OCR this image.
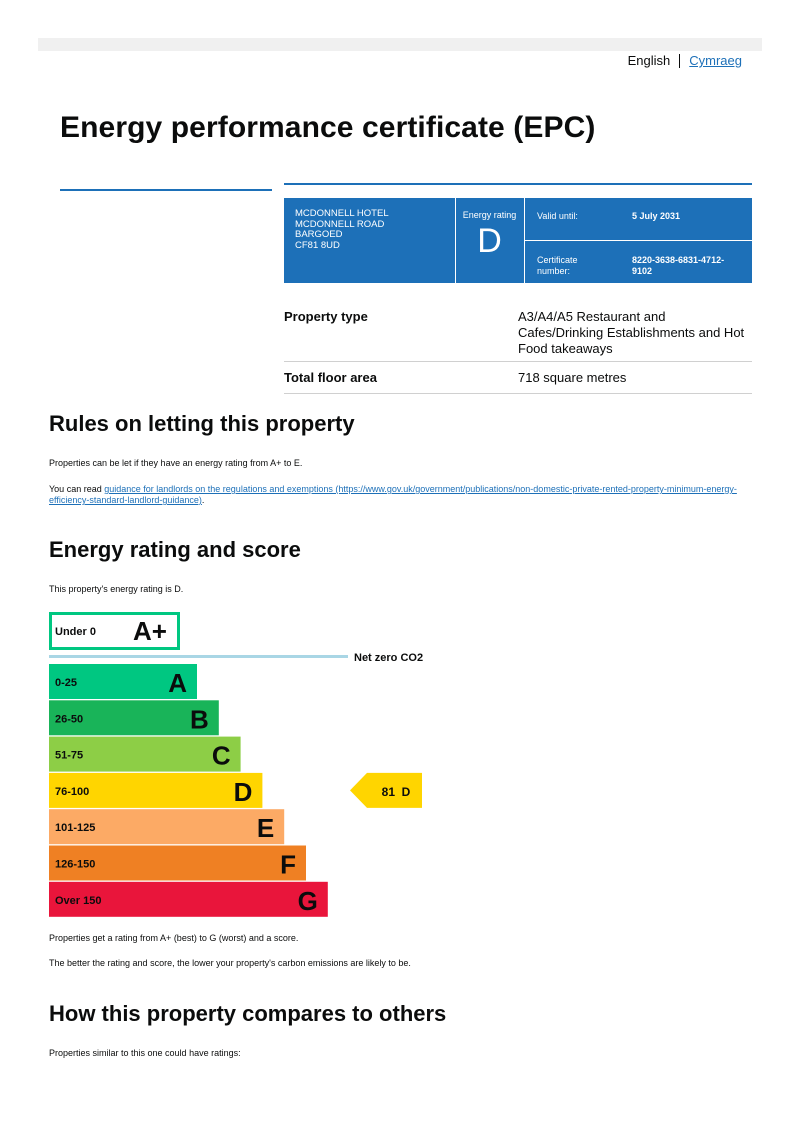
English Cymraeg
Energy performance certificate (EPC)
MCDONNELL HOTEL
MCDONNELL ROAD
BARGOED
CF81 8UD
Energy rating
D
Valid until:	5 July 2031
Certificate number:
8220-3638-6831-4712-9102
Property type	A3/A4/A5 Restaurant and Cafes/Drinking Establishments and Hot Food takeaways
Total floor area	718 square metres
Rules on letting this property
Properties can be let if they have an energy rating from A+ to E.
You can read guidance for landlords on the regulations and exemptions (https://www.gov.uk/government/publications/non-domestic-private-rented-property-minimum-energy-efficiency-standard-landlord-guidance).
Energy rating and score
This property's energy rating is D.
Under 0 A+
Net zero CO2
0-25	A
26-50	B
51-75	C
76-100	D
101-125	E
126-150	F
Over 150	G
81  D
Properties get a rating from A+ (best) to G (worst) and a score.
The better the rating and score, the lower your property's carbon emissions are likely to be.
How this property compares to others
Properties similar to this one could have ratings:
